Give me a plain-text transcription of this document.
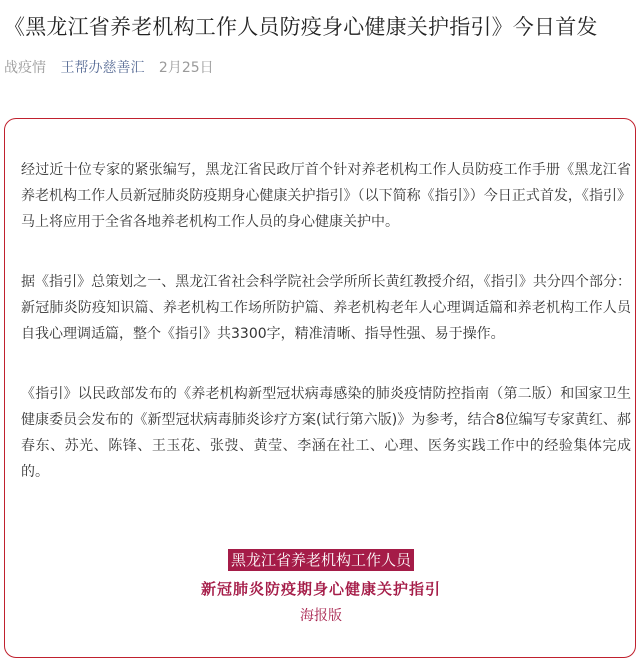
《黑龙江省养老机构工作人员防疫身心健康关护指引》今日首发
战疫情 王帮办慈善汇 2月25日

经过近十位专家的紧张编写，黑龙江省民政厅首个针对养老机构工作人员防疫工作手册《黑龙江省养老机构工作人员新冠肺炎防疫期身心健康关护指引》（以下简称《指引》）今日正式首发，《指引》马上将应用于全省各地养老机构工作人员的身心健康关护中。

据《指引》总策划之一、黑龙江省社会科学院社会学所所长黄红教授介绍，《指引》共分四个部分：新冠肺炎防疫知识篇、养老机构工作场所防护篇、养老机构老年人心理调适篇和养老机构工作人员自我心理调适篇，整个《指引》共3300字，精准清晰、指导性强、易于操作。

《指引》以民政部发布的《养老机构新型冠状病毒感染的肺炎疫情防控指南（第二版）和国家卫生健康委员会发布的《新型冠状病毒肺炎诊疗方案(试行第六版)》为参考，结合8位编写专家黄红、郝春东、苏光、陈锋、王玉花、张弢、黄莹、李涵在社工、心理、医务实践工作中的经验集体完成的。

黑龙江省养老机构工作人员
新冠肺炎防疫期身心健康关护指引
海报版
